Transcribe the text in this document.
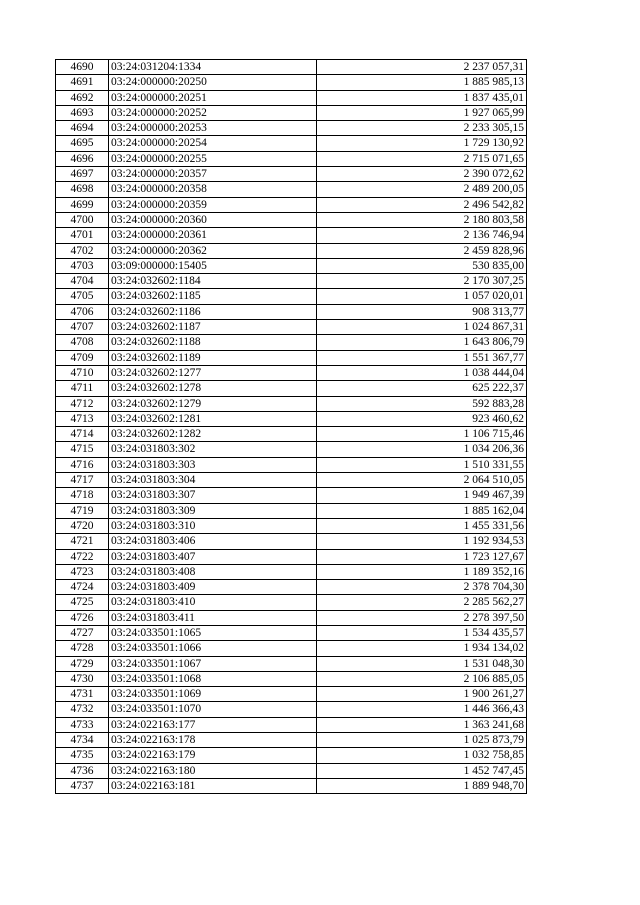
4690	03:24:031204:1334	2 237 057,31
4691	03:24:000000:20250	1 885 985,13
4692	03:24:000000:20251	1 837 435,01
4693	03:24:000000:20252	1 927 065,99
4694	03:24:000000:20253	2 233 305,15
4695	03:24:000000:20254	1 729 130,92
4696	03:24:000000:20255	2 715 071,65
4697	03:24:000000:20357	2 390 072,62
4698	03:24:000000:20358	2 489 200,05
4699	03:24:000000:20359	2 496 542,82
4700	03:24:000000:20360	2 180 803,58
4701	03:24:000000:20361	2 136 746,94
4702	03:24:000000:20362	2 459 828,96
4703	03:09:000000:15405	530 835,00
4704	03:24:032602:1184	2 170 307,25
4705	03:24:032602:1185	1 057 020,01
4706	03:24:032602:1186	908 313,77
4707	03:24:032602:1187	1 024 867,31
4708	03:24:032602:1188	1 643 806,79
4709	03:24:032602:1189	1 551 367,77
4710	03:24:032602:1277	1 038 444,04
4711	03:24:032602:1278	625 222,37
4712	03:24:032602:1279	592 883,28
4713	03:24:032602:1281	923 460,62
4714	03:24:032602:1282	1 106 715,46
4715	03:24:031803:302	1 034 206,36
4716	03:24:031803:303	1 510 331,55
4717	03:24:031803:304	2 064 510,05
4718	03:24:031803:307	1 949 467,39
4719	03:24:031803:309	1 885 162,04
4720	03:24:031803:310	1 455 331,56
4721	03:24:031803:406	1 192 934,53
4722	03:24:031803:407	1 723 127,67
4723	03:24:031803:408	1 189 352,16
4724	03:24:031803:409	2 378 704,30
4725	03:24:031803:410	2 285 562,27
4726	03:24:031803:411	2 278 397,50
4727	03:24:033501:1065	1 534 435,57
4728	03:24:033501:1066	1 934 134,02
4729	03:24:033501:1067	1 531 048,30
4730	03:24:033501:1068	2 106 885,05
4731	03:24:033501:1069	1 900 261,27
4732	03:24:033501:1070	1 446 366,43
4733	03:24:022163:177	1 363 241,68
4734	03:24:022163:178	1 025 873,79
4735	03:24:022163:179	1 032 758,85
4736	03:24:022163:180	1 452 747,45
4737	03:24:022163:181	1 889 948,70
